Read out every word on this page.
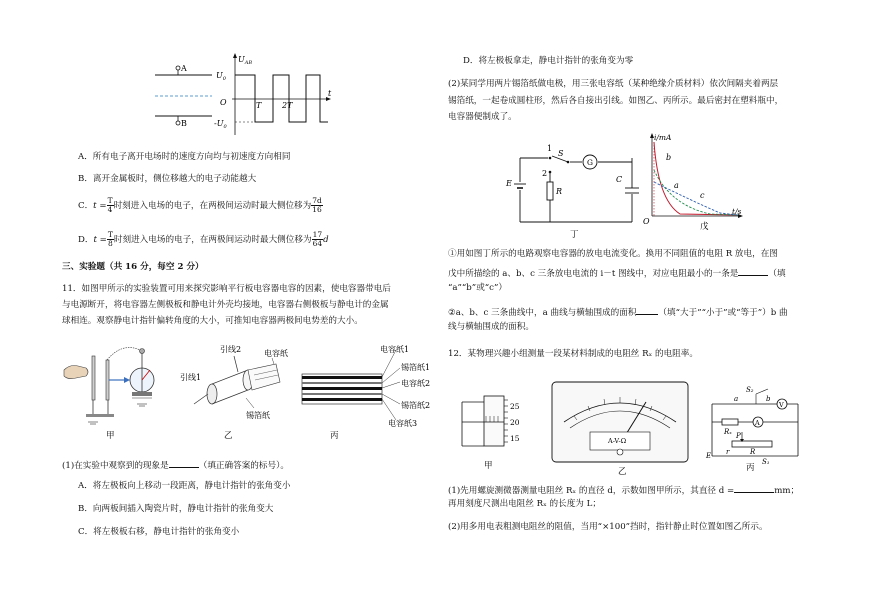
A
B
$U_{AB}$
$U_0$
O
$-U_0$
t
T	2T
A．所有电子离开电场时的速度方向均与初速度方向相同
B．离开金属板时，侧位移越大的电子动能越大
C．$t = \frac{T}{4}$ 时刻进入电场的电子，在两极间运动时最大侧位移为 $\frac{7d}{16}$
D．$t = \frac{T}{8}$ 时刻进入电场的电子，在两极间运动时最大侧位移为 $\frac{17}{64}$ d
三、实验题（共 16 分，每空 2 分）
11．如图甲所示的实验装置可用来探究影响平行板电容器电容的因素，使电容器带电后
与电源断开，将电容器左侧极板和静电计外壳均接地，电容器右侧极板与静电计的金属
球相连。观察静电计指针偏转角度的大小，可推知电容器两极间电势差的大小。
甲
引线2	电容纸
引线1
锡箔纸
乙
电容纸1
锡箔纸1
电容纸2
锡箔纸2
电容纸3
丙
(1)在实验中观察到的现象是	（填正确答案的标号）。
A．将左极板向上移动一段距离，静电计指针的张角变小
B．向两板间插入陶瓷片时，静电计指针的张角变大
C．将左极板右移，静电计指针的张角变小
D．将左极板拿走，静电计指针的张角变为零
(2)某同学用两片锡箔纸做电极，用三张电容纸（某种绝缘介质材料）依次间隔夹着两层
锡箔纸，一起卷成圆柱形，然后各自接出引线。如图乙、丙所示。最后密封在塑料瓶中，
电容器便制成了。
E
1
2
S
G
R
C
丁
i/mA
t/s
O
b
a
c
戊
①用如图丁所示的电路观察电容器的放电电流变化。换用不同阻值的电阻 R 放电，在图
戊中所描绘的 a、b、c 三条放电电流的 i－t 图线中，对应电阻最小的一条是	（填
“a”“b”或“c”）
②a、b、c 三条曲线中，a 曲线与横轴围成的面积	（填“大于”“小于”或“等于”）b 曲
线与横轴围成的面积。
12．某物理兴趣小组测量一段某材料制成的电阻丝 Rₓ 的电阻率。
25
20
15
甲
A-V-Ω
乙
S₂
a	b
V
A
Rₓ P
R
E r
S₁
丙
(1)先用螺旋测微器测量电阻丝 Rₓ 的直径 d，示数如图甲所示，其直径 d =	mm；
再用刻度尺测出电阻丝 Rₓ 的长度为 L；
(2)用多用电表粗测电阻丝的阻值，当用“×100”挡时，指针静止时位置如图乙所示。
